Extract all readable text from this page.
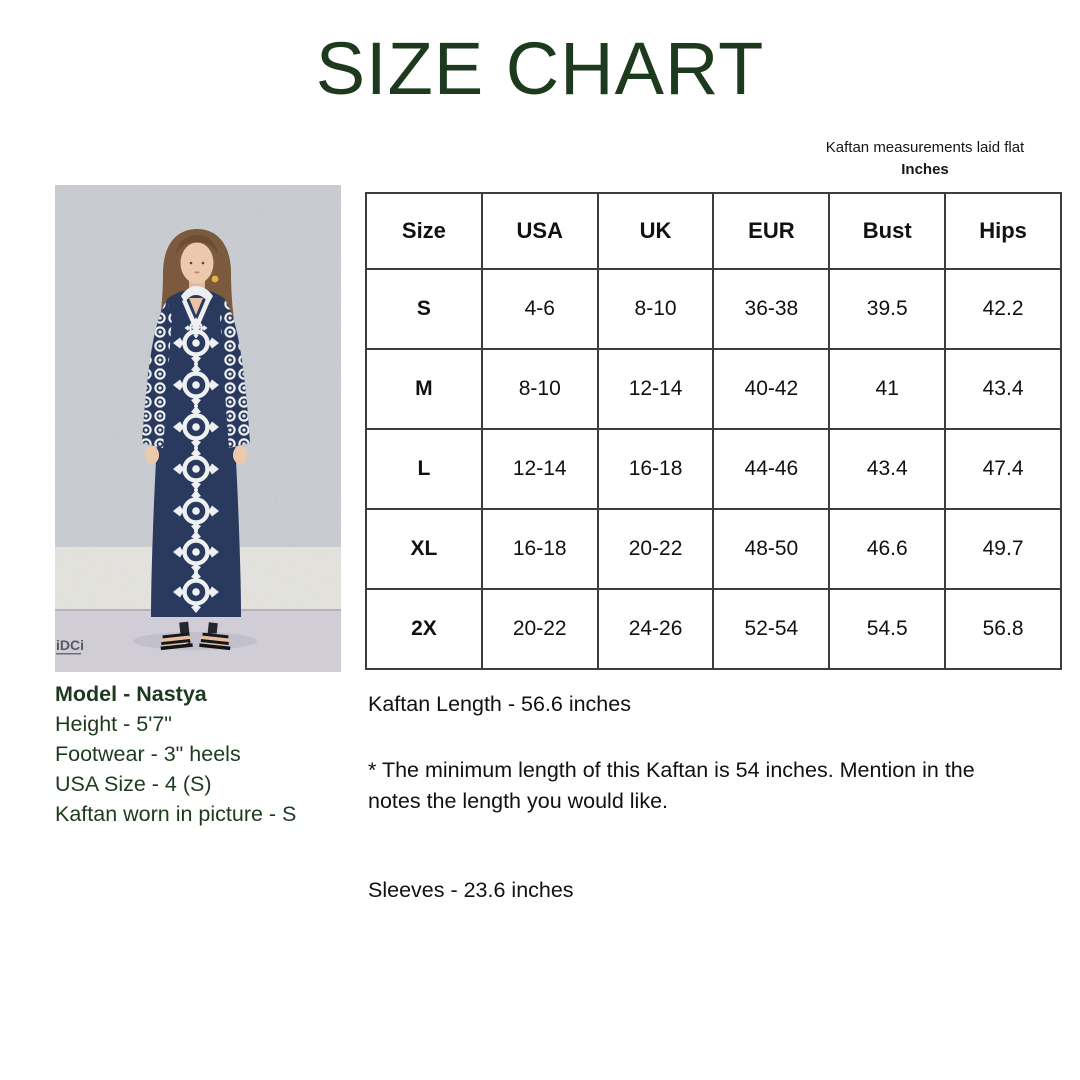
SIZE CHART
Kaftan measurements laid flat
Inches
iDCi
Size	USA	UK	EUR	Bust	Hips
S	4-6	8-10	36-38	39.5	42.2
M	8-10	12-14	40-42	41	43.4
L	12-14	16-18	44-46	43.4	47.4
XL	16-18	20-22	48-50	46.6	49.7
2X	20-22	24-26	52-54	54.5	56.8

Model - Nastya

Height - 5'7"

Footwear - 3" heels

USA Size - 4 (S)

Kaftan worn in picture - S

Kaftan Length - 56.6 inches

* The minimum length of this Kaftan is 54 inches. Mention in the notes the length you would like.

Sleeves - 23.6 inches
